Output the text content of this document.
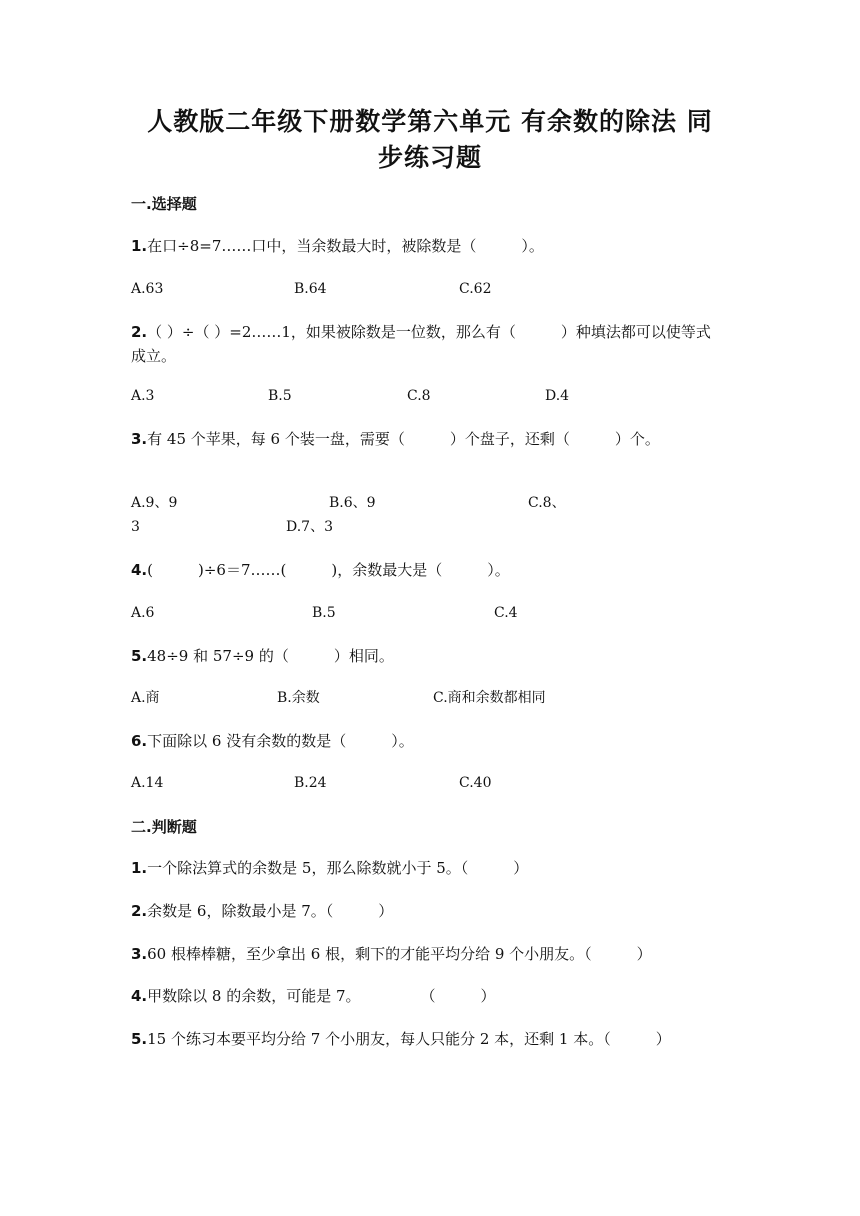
人教版二年级下册数学第六单元 有余数的除法 同
步练习题
一.选择题
1.在口÷8=7……口中，当余数最大时，被除数是（　　　）。
A.63	B.64	C.62
2.（ ）÷（ ）=2……1，如果被除数是一位数，那么有（　　　）种填法都可以使等式成立。
A.3	B.5	C.8	D.4
3.有 45 个苹果，每 6 个装一盘，需要（　　　）个盘子，还剩（　　　）个。
A.9、9	B.6、9	C.8、
3	D.7、3
4.(　　　)÷6＝7……(　　　)，余数最大是（　　　）。
A.6	B.5	C.4
5.48÷9 和 57÷9 的（　　　）相同。
A.商	B.余数	C.商和余数都相同
6.下面除以 6 没有余数的数是（　　　）。
A.14	B.24	C.40
二.判断题
1.一个除法算式的余数是 5，那么除数就小于 5。（　　　）
2.余数是 6，除数最小是 7。（　　　）
3.60 根棒棒糖，至少拿出 6 根，剩下的才能平均分给 9 个小朋友。（　　　）
4.甲数除以 8 的余数，可能是 7。　　　　　（　　　）
5.15 个练习本要平均分给 7 个小朋友，每人只能分 2 本，还剩 1 本。（　　　）
